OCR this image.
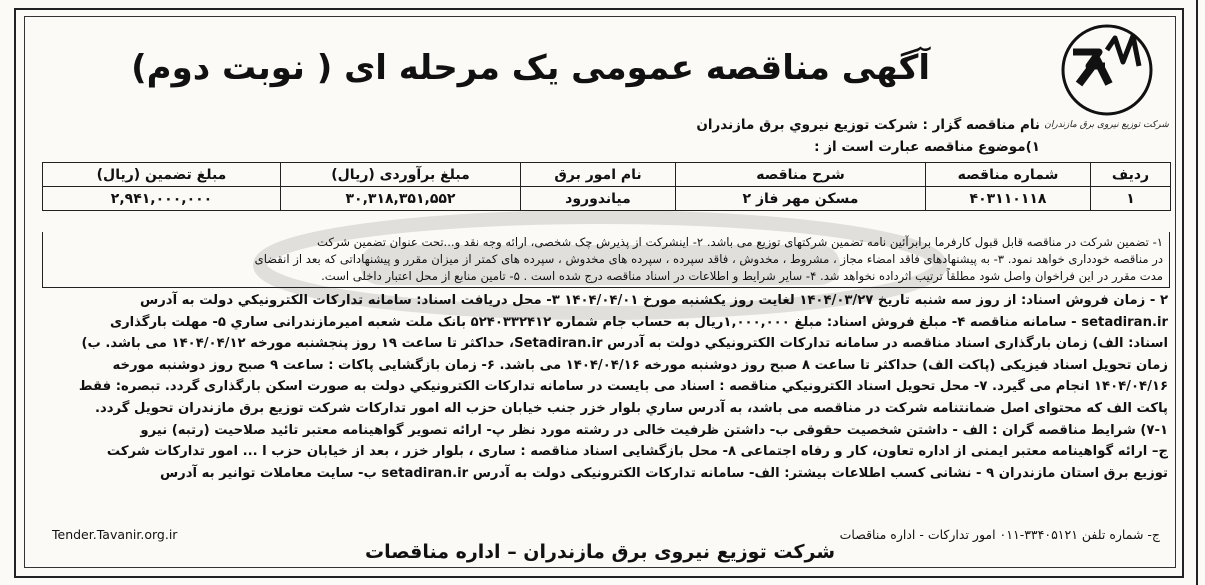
شرکت توزیع نیروی برق مازندران
آگهی مناقصه عمومی یک مرحله ای ( نوبت دوم)
نام مناقصه گزار : شرکت توزيع نيروي برق مازندران
۱)موضوع مناقصه عبارت است از :
ردیف	شماره مناقصه	شرح مناقصه	نام امور برق	مبلغ برآوردی (ریال)	مبلغ تضمین (ریال)
۱	۴۰۳۱۱۰۱۱۸	مسکن مهر فاز ۲	میاندورود	۳۰,۳۱۸,۳۵۱,۵۵۲	۲,۹۴۱,۰۰۰,۰۰۰
۱- تضمین شرکت در مناقصه قابل قبول کارفرما برابرآئین نامه تضمین شرکتهای توزیع می باشد. ۲- اینشرکت از پذیرش چک شخصی، ارائه وجه نقد و...تحت عنوان تضمین شرکت
در مناقصه خودداری خواهد نمود. ۳- به پیشنهادهای فاقد امضاء مجاز ، مشروط ، مخدوش ، فاقد سپرده ، سپرده های مخدوش ، سپرده های کمتر از میزان مقرر و پیشنهاداتی که بعد از انقضای
مدت مقرر در این فراخوان واصل شود مطلقاً ترتیب اثرداده نخواهد شد. ۴- سایر شرایط و اطلاعات در اسناد مناقصه درج شده است . ۵- تامین منابع از محل اعتبار داخلی است.
۲ - زمان فروش اسناد: از روز سه شنبه تاریخ ۱۴۰۴/۰۳/۲۷ لغایت روز یکشنبه مورخ ۱۴۰۴/۰۴/۰۱ ۳- محل دریافت اسناد: سامانه تداركات الكترونيكي دولت به آدرس
setadiran.ir - سامانه مناقصه ۴- مبلغ فروش اسناد: مبلغ ۱,۰۰۰,۰۰۰ریال به حساب جام شماره ۵۲۴۰۳۳۲۴۱۲ بانک ملت شعبه امیرمازندرانی ساري ۵- مهلت بارگذاری
اسناد: الف) زمان بارگذاری اسناد مناقصه در سامانه تداركات الكترونيكي دولت به آدرس Setadiran.ir، حداکثر تا ساعت ۱۹ روز پنجشنبه مورخه ۱۴۰۴/۰۴/۱۲ می باشد. ب)
زمان تحویل اسناد فیزیکی (پاکت الف) حداکثر تا ساعت ۸ صبح روز دوشنبه مورخه ۱۴۰۴/۰۴/۱۶ می باشد. ۶- زمان بازگشایی پاکات : ساعت ۹ صبح روز دوشنبه مورخه
۱۴۰۴/۰۴/۱۶ انجام می گیرد. ۷- محل تحویل اسناد الكترونيكي مناقصه : اسناد می بایست در سامانه تداركات الكترونيكي دولت به صورت اسکن بارگذاری گردد. تبصره: فقط
پاكت الف كه محتوای اصل ضمانتنامه شركت در مناقصه می باشد، به آدرس ساري بلوار خزر جنب خيابان حزب اله امور تداركات شركت توزيع برق مازندران تحويل گردد.
۷-۱) شرایط مناقصه گران : الف - داشتن شخصیت حقوقی ب- داشتن ظرفیت خالی در رشته مورد نظر پ- ارائه تصویر گواهینامه معتبر تائید صلاحیت (رتبه) نیرو
ج– ارائه گواهینامه معتبر ایمنی از اداره تعاون، کار و رفاه اجتماعی ۸- محل بازگشایی اسناد مناقصه : ساری ، بلوار خزر ، بعد از خیابان حزب ا ... امور تدارکات شرکت
توزیع برق استان مازندران ۹ - نشانی کسب اطلاعات بیشتر: الف- سامانه تدارکات الکترونیکی دولت به آدرس setadiran.ir ب- سایت معاملات توانیر به آدرس
ج- شماره تلفن ۳۳۴۰۵۱۲۱-۰۱۱ امور تدارکات - اداره مناقصات
Tender.Tavanir.org.ir
شرکت توزیع نیروی برق مازندران – اداره مناقصات
